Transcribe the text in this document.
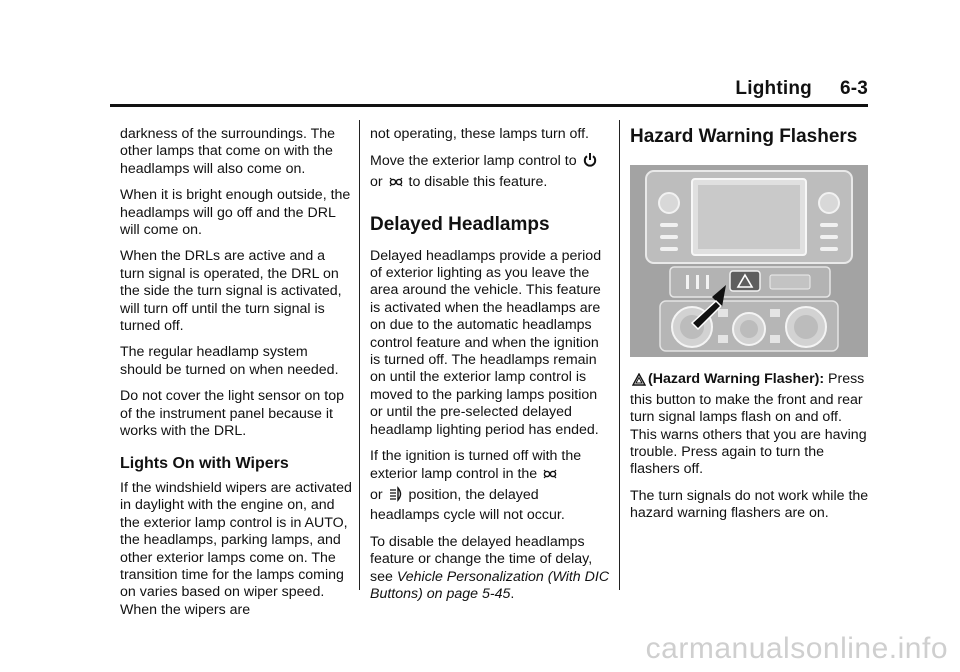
Lighting 6-3

darkness of the surroundings. The other lamps that come on with the headlamps will also come on.

When it is bright enough outside, the headlamps will go off and the DRL will come on.

When the DRLs are active and a turn signal is operated, the DRL on the side the turn signal is activated, will turn off until the turn signal is turned off.

The regular headlamp system should be turned on when needed.

Do not cover the light sensor on top of the instrument panel because it works with the DRL.

Lights On with Wipers

If the windshield wipers are activated in daylight with the engine on, and the exterior lamp control is in AUTO, the headlamps, parking lamps, and other exterior lamps come on. The transition time for the lamps coming on varies based on wiper speed. When the wipers are

not operating, these lamps turn off.

Move the exterior lamp control to
or to disable this feature.

Delayed Headlamps

Delayed headlamps provide a period of exterior lighting as you leave the area around the vehicle. This feature is activated when the headlamps are on due to the automatic headlamps control feature and when the ignition is turned off. The headlamps remain on until the exterior lamp control is moved to the parking lamps position or until the pre-selected delayed headlamp lighting period has ended.

If the ignition is turned off with the exterior lamp control in the
or position, the delayed headlamps cycle will not occur.

To disable the delayed headlamps feature or change the time of delay, see Vehicle Personalization (With DIC Buttons) on page 5-45.

Hazard Warning Flashers

(Hazard Warning Flasher): Press this button to make the front and rear turn signal lamps flash on and off. This warns others that you are having trouble. Press again to turn the flashers off.

The turn signals do not work while the hazard warning flashers are on.

carmanualsonline.info
